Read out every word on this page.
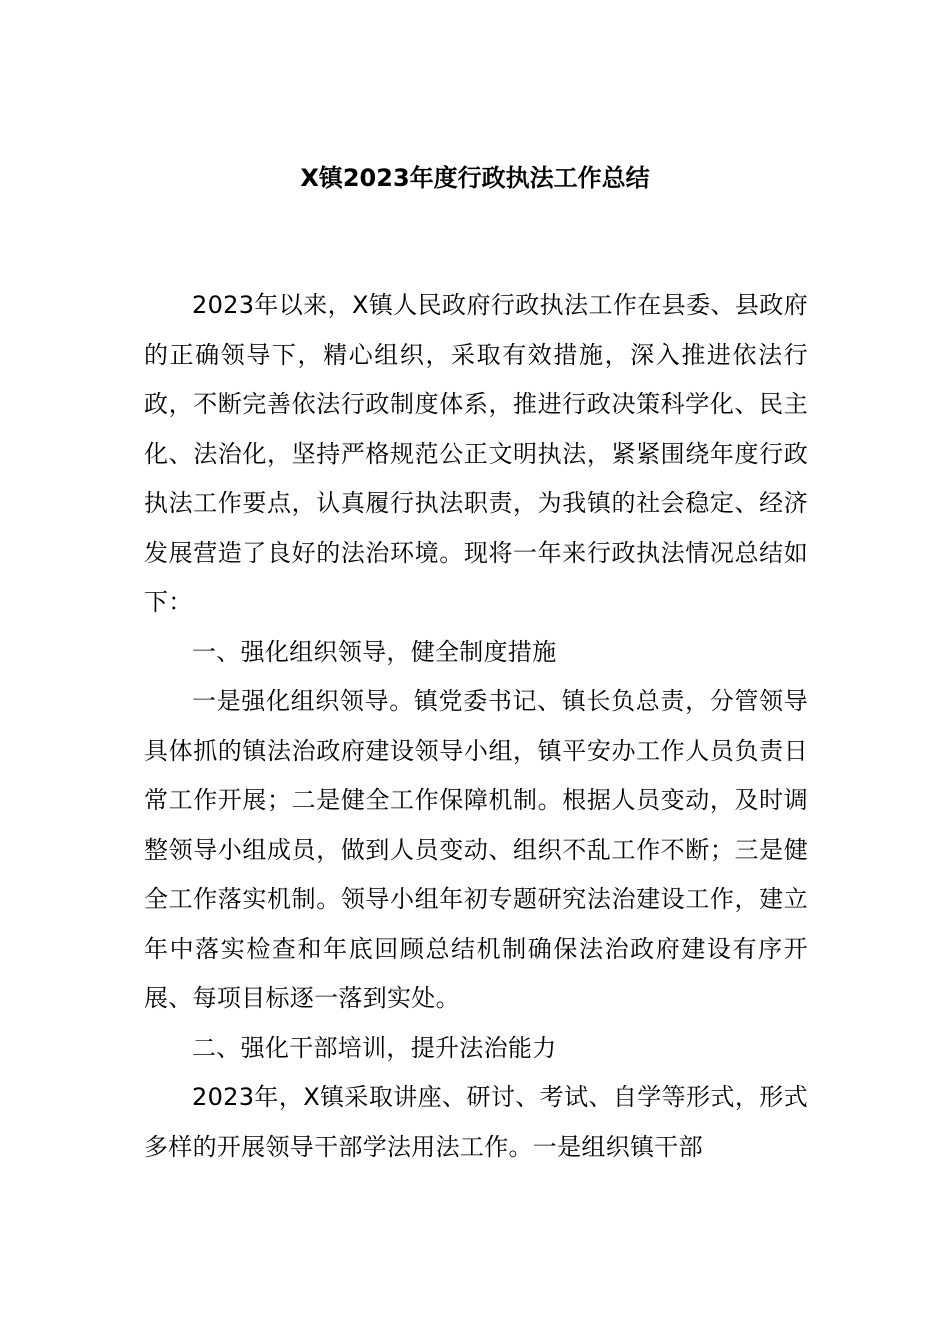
X镇2023年度行政执法工作总结

2023年以来，X镇人民政府行政执法工作在县委、县政府的正确领导下，精心组织，采取有效措施，深入推进依法行政，不断完善依法行政制度体系，推进行政决策科学化、民主化、法治化，坚持严格规范公正文明执法，紧紧围绕年度行政执法工作要点，认真履行执法职责，为我镇的社会稳定、经济发展营造了良好的法治环境。现将一年来行政执法情况总结如下：

一、强化组织领导，健全制度措施

一是强化组织领导。镇党委书记、镇长负总责，分管领导具体抓的镇法治政府建设领导小组，镇平安办工作人员负责日常工作开展；二是健全工作保障机制。根据人员变动，及时调整领导小组成员，做到人员变动、组织不乱工作不断；三是健全工作落实机制。领导小组年初专题研究法治建设工作，建立年中落实检查和年底回顾总结机制确保法治政府建设有序开展、每项目标逐一落到实处。

二、强化干部培训，提升法治能力

2023年，X镇采取讲座、研讨、考试、自学等形式，形式多样的开展领导干部学法用法工作。一是组织镇干部
